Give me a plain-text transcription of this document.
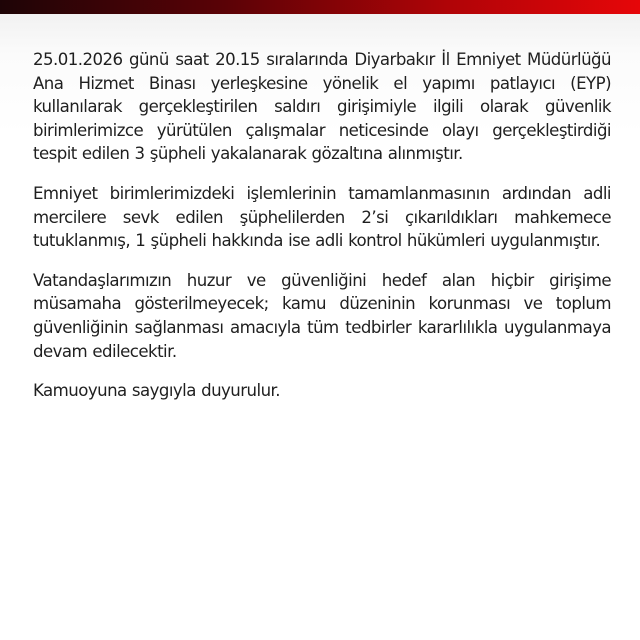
25.01.2026 günü saat 20.15 sıralarında Diyarbakır İl Emniyet Müdürlüğü Ana Hizmet Binası yerleşkesine yönelik el yapımı patlayıcı (EYP) kullanılarak gerçekleştirilen saldırı girişimiyle ilgili olarak güvenlik birimlerimizce yürütülen çalışmalar neticesinde olayı gerçekleştirdiği tespit edilen 3 şüpheli yakalanarak gözaltına alınmıştır.

Emniyet birimlerimizdeki işlemlerinin tamamlanmasının ardından adli mercilere sevk edilen şüphelilerden 2’si çıkarıldıkları mahkemece tutuklanmış, 1 şüpheli hakkında ise adli kontrol hükümleri uygulanmıştır.

Vatandaşlarımızın huzur ve güvenliğini hedef alan hiçbir girişime müsamaha gösterilmeyecek; kamu düzeninin korunması ve toplum güvenliğinin sağlanması amacıyla tüm tedbirler kararlılıkla uygulanmaya devam edilecektir.

Kamuoyuna saygıyla duyurulur.
